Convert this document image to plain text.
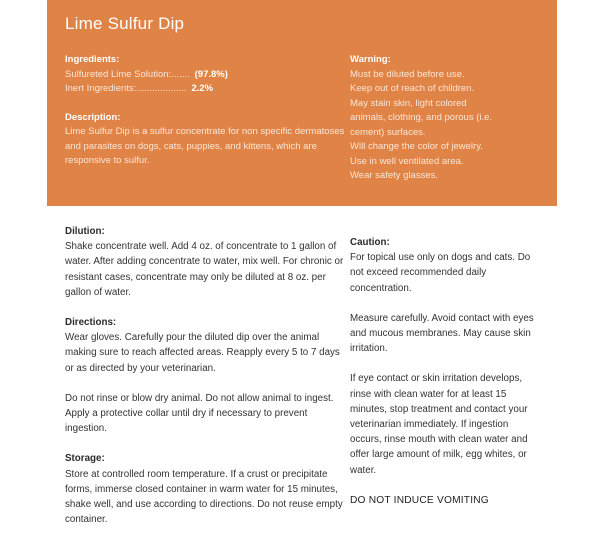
Lime Sulfur Dip

Ingredients:

Sulfureted Lime Solution:....... (97.8%)
Inert Ingredients:................... 2.2%

Description:

Lime Sulfur Dip is a sulfur concentrate for non specific dermatoses and parasites on dogs, cats, puppies, and kittens, which are responsive to sulfur.

Warning:

Must be diluted before use.
Keep out of reach of children.
May stain skin, light colored
animals, clothing, and porous (i.e.
cement) surfaces.
Will change the color of jewelry.
Use in well ventilated area.
Wear safety glasses.

Dilution:

Shake concentrate well. Add 4 oz. of concentrate to 1 gallon of water. After adding concentrate to water, mix well. For chronic or resistant cases, concentrate may only be diluted at 8 oz. per gallon of water.

Directions:

Wear gloves. Carefully pour the diluted dip over the animal making sure to reach affected areas. Reapply every 5 to 7 days or as directed by your veterinarian.

Do not rinse or blow dry animal. Do not allow animal to ingest. Apply a protective collar until dry if necessary to prevent ingestion.

Storage:

Store at controlled room temperature. If a crust or precipitate forms, immerse closed container in warm water for 15 minutes, shake well, and use according to directions. Do not reuse empty container.

Caution:

For topical use only on dogs and cats. Do not exceed recommended daily concentration.

Measure carefully. Avoid contact with eyes and mucous membranes. May cause skin irritation.

If eye contact or skin irritation develops, rinse with clean water for at least 15 minutes, stop treatment and contact your veterinarian immediately. If ingestion occurs, rinse mouth with clean water and offer large amount of milk, egg whites, or water.

DO NOT INDUCE VOMITING
